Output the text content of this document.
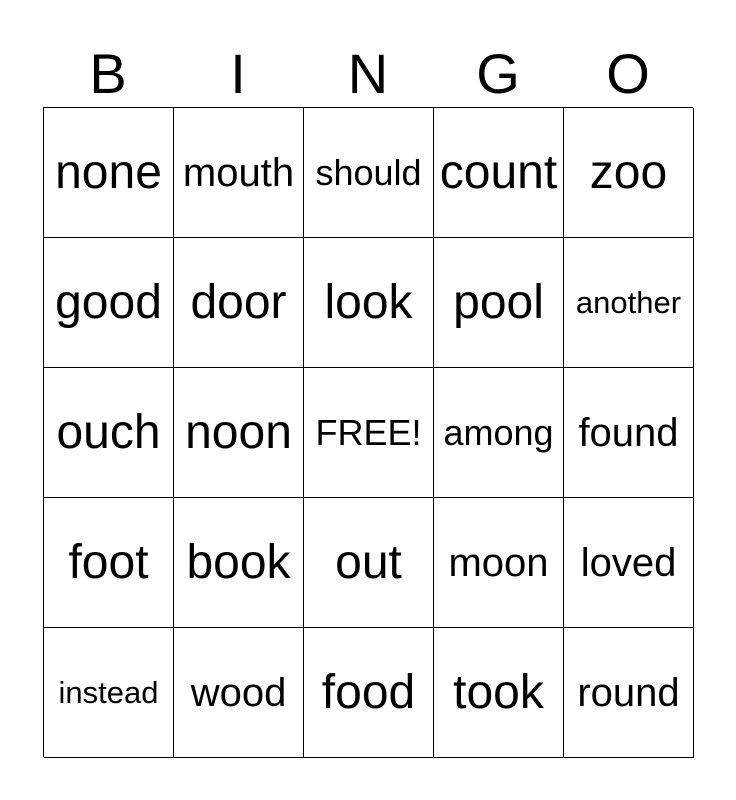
B	I	N	G	O
none mouth should count zoo
good door look pool another
ouch noon FREE! among found
foot book out moon loved
instead wood food took round
